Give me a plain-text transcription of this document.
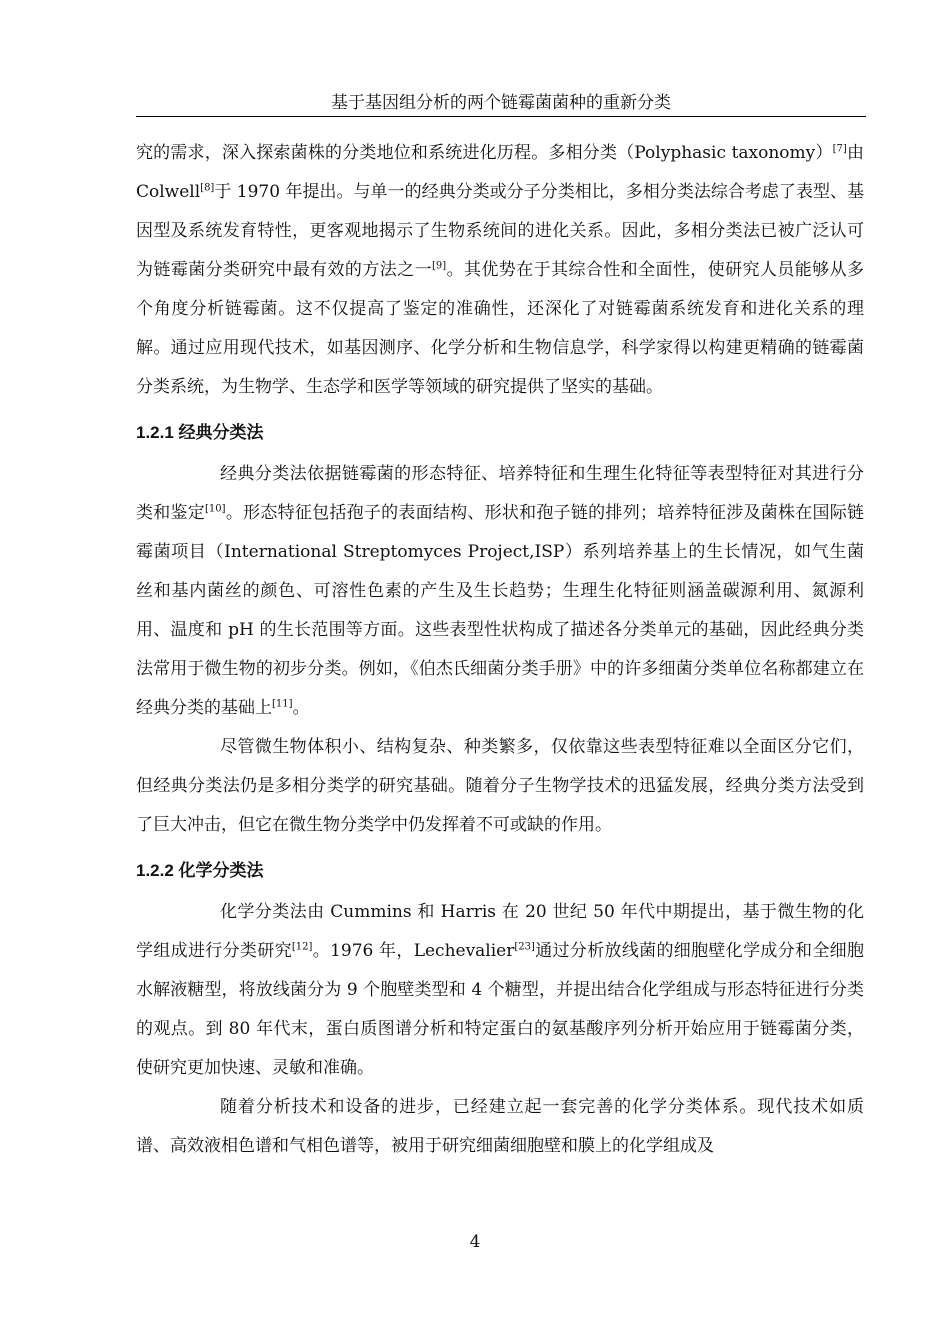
基于基因组分析的两个链霉菌菌种的重新分类

究的需求，深入探索菌株的分类地位和系统进化历程。多相分类（Polyphasic taxonomy）[7]由 Colwell[8]于 1970 年提出。与单一的经典分类或分子分类相比，多相分类法综合考虑了表型、基因型及系统发育特性，更客观地揭示了生物系统间的进化关系。因此，多相分类法已被广泛认可为链霉菌分类研究中最有效的方法之一[9]。其优势在于其综合性和全面性，使研究人员能够从多个角度分析链霉菌。这不仅提高了鉴定的准确性，还深化了对链霉菌系统发育和进化关系的理解。通过应用现代技术，如基因测序、化学分析和生物信息学，科学家得以构建更精确的链霉菌分类系统，为生物学、生态学和医学等领域的研究提供了坚实的基础。

1.2.1 经典分类法

经典分类法依据链霉菌的形态特征、培养特征和生理生化特征等表型特征对其进行分类和鉴定[10]。形态特征包括孢子的表面结构、形状和孢子链的排列；培养特征涉及菌株在国际链霉菌项目（International Streptomyces Project,ISP）系列培养基上的生长情况，如气生菌丝和基内菌丝的颜色、可溶性色素的产生及生长趋势；生理生化特征则涵盖碳源利用、氮源利用、温度和 pH 的生长范围等方面。这些表型性状构成了描述各分类单元的基础，因此经典分类法常用于微生物的初步分类。例如，《伯杰氏细菌分类手册》中的许多细菌分类单位名称都建立在经典分类的基础上[11]。

尽管微生物体积小、结构复杂、种类繁多，仅依靠这些表型特征难以全面区分它们，但经典分类法仍是多相分类学的研究基础。随着分子生物学技术的迅猛发展，经典分类方法受到了巨大冲击，但它在微生物分类学中仍发挥着不可或缺的作用。

1.2.2 化学分类法

化学分类法由 Cummins 和 Harris 在 20 世纪 50 年代中期提出，基于微生物的化学组成进行分类研究[12]。1976 年，Lechevalier[23]通过分析放线菌的细胞壁化学成分和全细胞水解液糖型，将放线菌分为 9 个胞壁类型和 4 个糖型，并提出结合化学组成与形态特征进行分类的观点。到 80 年代末，蛋白质图谱分析和特定蛋白的氨基酸序列分析开始应用于链霉菌分类，使研究更加快速、灵敏和准确。

随着分析技术和设备的进步，已经建立起一套完善的化学分类体系。现代技术如质谱、高效液相色谱和气相色谱等，被用于研究细菌细胞壁和膜上的化学组成及

4
